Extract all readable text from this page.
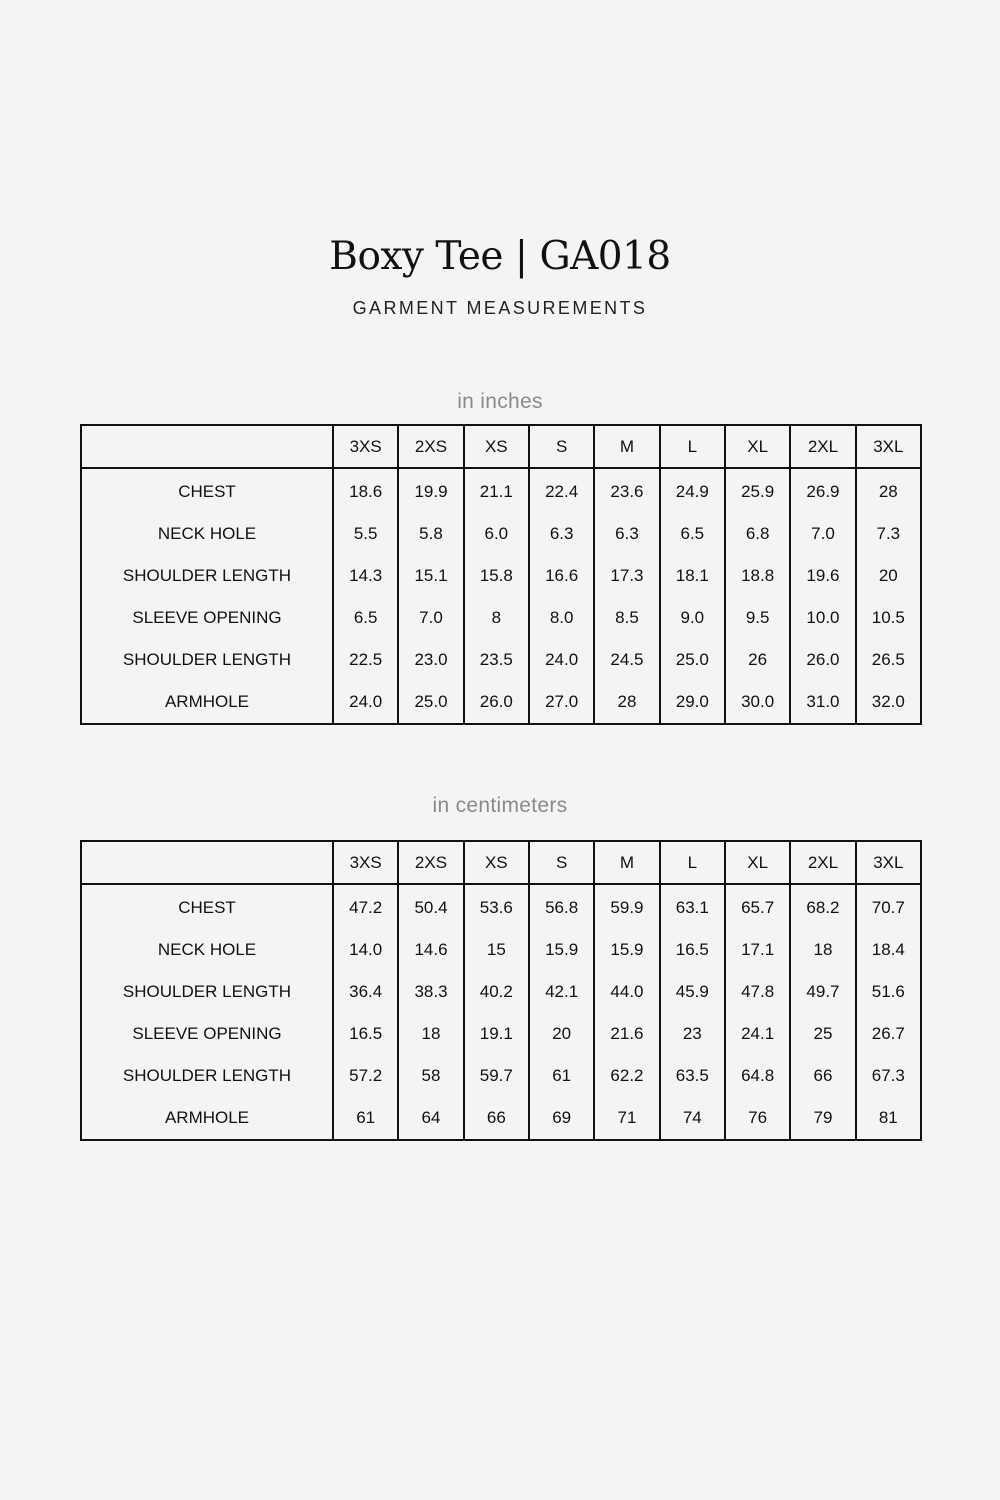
Boxy Tee | GA018
GARMENT MEASUREMENTS
in inches
	3XS	2XS	XS	S	M	L	XL	2XL	3XL
CHEST	18.6	19.9	21.1	22.4	23.6	24.9	25.9	26.9	28
NECK HOLE	5.5	5.8	6.0	6.3	6.3	6.5	6.8	7.0	7.3
SHOULDER LENGTH	14.3	15.1	15.8	16.6	17.3	18.1	18.8	19.6	20
SLEEVE OPENING	6.5	7.0	8	8.0	8.5	9.0	9.5	10.0	10.5
SHOULDER LENGTH	22.5	23.0	23.5	24.0	24.5	25.0	26	26.0	26.5
ARMHOLE	24.0	25.0	26.0	27.0	28	29.0	30.0	31.0	32.0
in centimeters
	3XS	2XS	XS	S	M	L	XL	2XL	3XL
CHEST	47.2	50.4	53.6	56.8	59.9	63.1	65.7	68.2	70.7
NECK HOLE	14.0	14.6	15	15.9	15.9	16.5	17.1	18	18.4
SHOULDER LENGTH	36.4	38.3	40.2	42.1	44.0	45.9	47.8	49.7	51.6
SLEEVE OPENING	16.5	18	19.1	20	21.6	23	24.1	25	26.7
SHOULDER LENGTH	57.2	58	59.7	61	62.2	63.5	64.8	66	67.3
ARMHOLE	61	64	66	69	71	74	76	79	81
